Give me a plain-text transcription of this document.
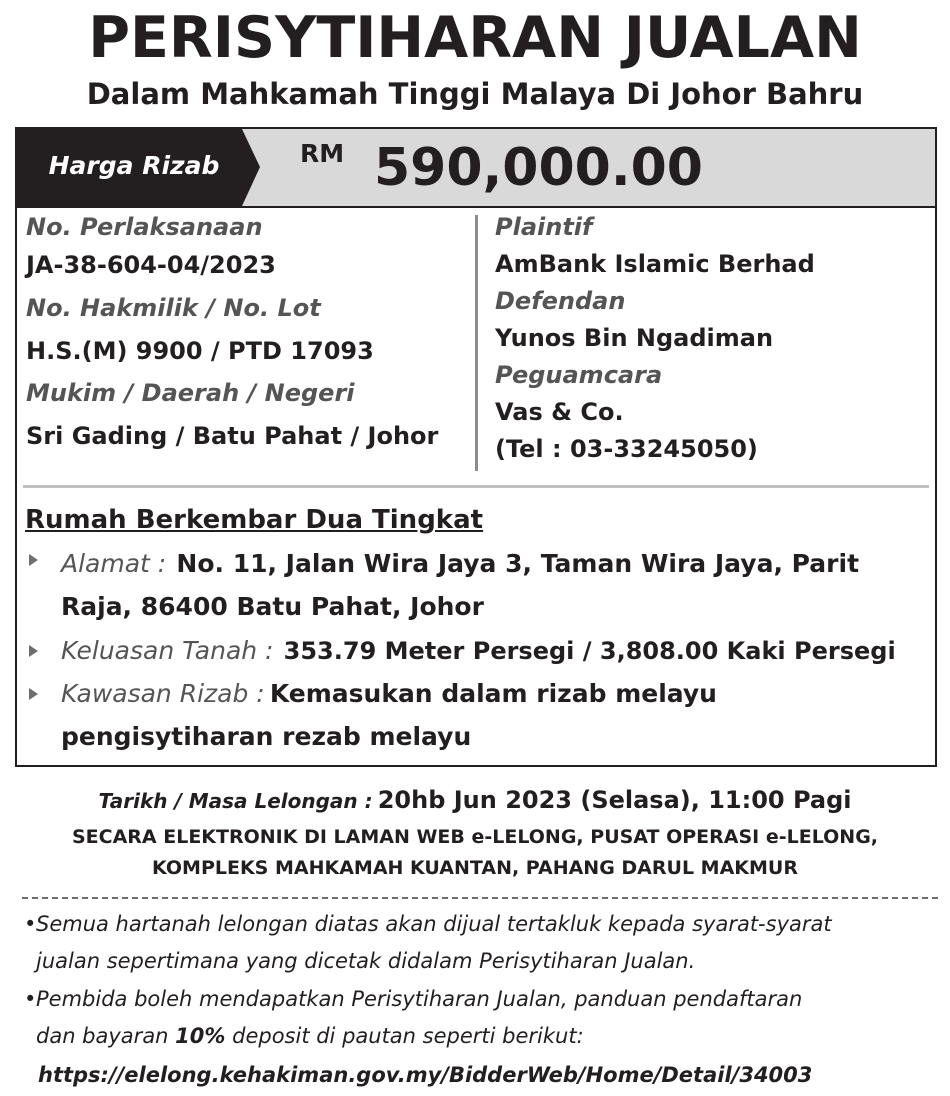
PERISYTIHARAN JUALAN
Dalam Mahkamah Tinggi Malaya Di Johor Bahru
Harga Rizab	RM 590,000.00
No. Perlaksanaan
JA-38-604-04/2023
No. Hakmilik / No. Lot
H.S.(M) 9900 / PTD 17093
Mukim / Daerah / Negeri
Sri Gading / Batu Pahat / Johor
Plaintif
AmBank Islamic Berhad
Defendan
Yunos Bin Ngadiman
Peguamcara
Vas & Co.
(Tel : 03-33245050)
Rumah Berkembar Dua Tingkat
Alamat : No. 11, Jalan Wira Jaya 3, Taman Wira Jaya, Parit
Raja, 86400 Batu Pahat, Johor
Keluasan Tanah : 353.79 Meter Persegi / 3,808.00 Kaki Persegi
Kawasan Rizab : Kemasukan dalam rizab melayu
pengisytiharan rezab melayu
Tarikh / Masa Lelongan : 20hb Jun 2023 (Selasa), 11:00 Pagi
SECARA ELEKTRONIK DI LAMAN WEB e-LELONG, PUSAT OPERASI e-LELONG,
KOMPLEKS MAHKAMAH KUANTAN, PAHANG DARUL MAKMUR
•Semua hartanah lelongan diatas akan dijual tertakluk kepada syarat-syarat
jualan sepertimana yang dicetak didalam Perisytiharan Jualan.
•Pembida boleh mendapatkan Perisytiharan Jualan, panduan pendaftaran
dan bayaran 10% deposit di pautan seperti berikut:
https://elelong.kehakiman.gov.my/BidderWeb/Home/Detail/34003
